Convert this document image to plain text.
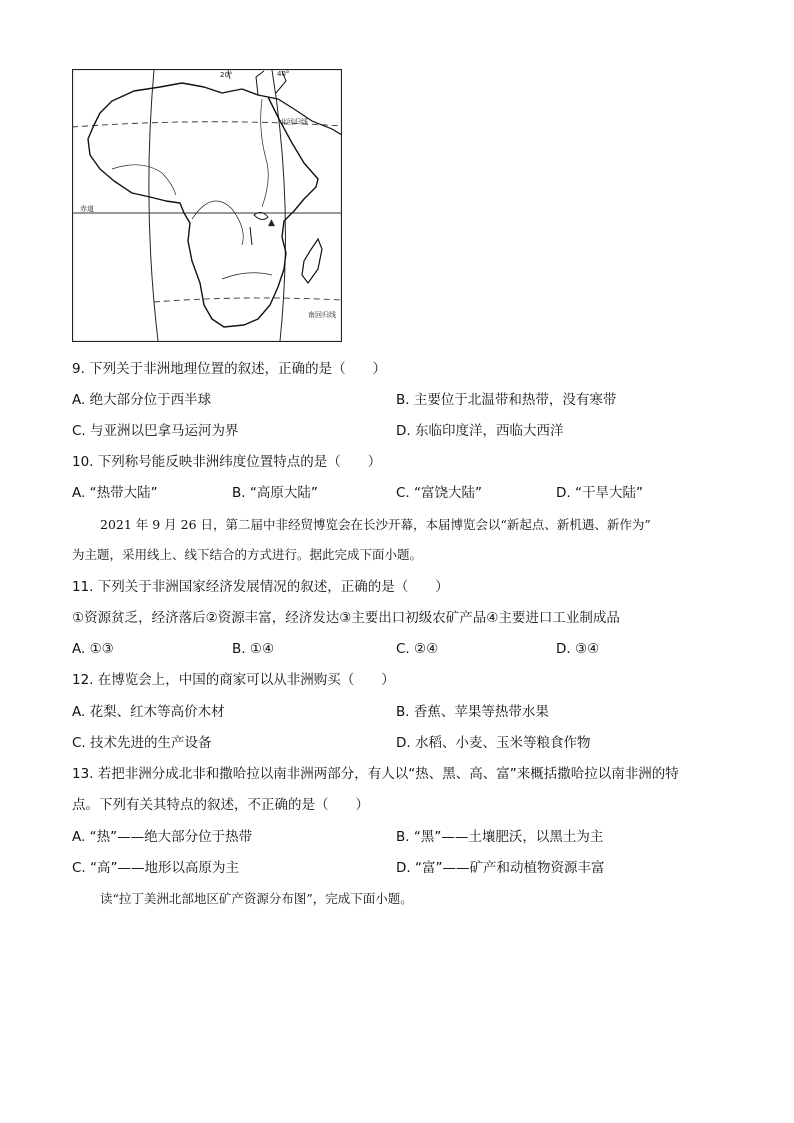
▲
20°	40°
北回归线
赤道
南回归线
9. 下列关于非洲地理位置的叙述，正确的是（　　）
A. 绝大部分位于西半球	B. 主要位于北温带和热带，没有寒带
C. 与亚洲以巴拿马运河为界	D. 东临印度洋，西临大西洋
10. 下列称号能反映非洲纬度位置特点的是（　　）
A. “热带大陆”	B. “高原大陆”	C. “富饶大陆”	D. “干旱大陆”
2021 年 9 月 26 日，第二届中非经贸博览会在长沙开幕，本届博览会以“新起点、新机遇、新作为”
为主题，采用线上、线下结合的方式进行。据此完成下面小题。
11. 下列关于非洲国家经济发展情况的叙述，正确的是（　　）
①资源贫乏，经济落后②资源丰富，经济发达③主要出口初级农矿产品④主要进口工业制成品
A. ①③	B. ①④	C. ②④	D. ③④
12. 在博览会上，中国的商家可以从非洲购买（　　）
A. 花梨、红木等高价木材	B. 香蕉、苹果等热带水果
C. 技术先进的生产设备	D. 水稻、小麦、玉米等粮食作物
13. 若把非洲分成北非和撒哈拉以南非洲两部分，有人以“热、黑、高、富”来概括撒哈拉以南非洲的特
点。下列有关其特点的叙述，不正确的是（　　）
A. “热”——绝大部分位于热带	B. “黑”——土壤肥沃，以黑土为主
C. “高”——地形以高原为主	D. “富”——矿产和动植物资源丰富
读“拉丁美洲北部地区矿产资源分布图”，完成下面小题。
